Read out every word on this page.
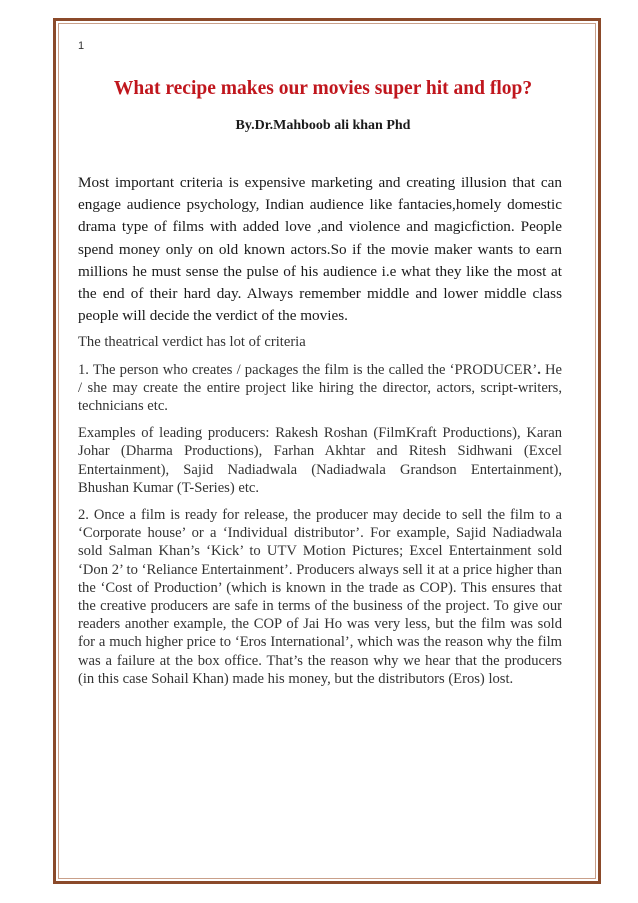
1
What recipe makes our movies super hit and flop?
By.Dr.Mahboob ali khan Phd

Most important criteria is expensive marketing and creating illusion that can engage audience psychology, Indian audience like fantacies,homely domestic drama type of films with added love ,and violence and magicfiction. People spend money only on old known actors.So if the movie maker wants to earn millions he must sense the pulse of his audience i.e what they like the most at the end of their hard day. Always remember middle and lower middle class people will decide the verdict of the movies.

The theatrical verdict has lot of criteria

1. The person who creates / packages the film is the called the ‘PRODUCER’. He / she may create the entire project like hiring the director, actors, script-writers, technicians etc.

Examples of leading producers: Rakesh Roshan (FilmKraft Productions), Karan Johar (Dharma Productions), Farhan Akhtar and Ritesh Sidhwani (Excel Entertainment), Sajid Nadiadwala (Nadiadwala Grandson Entertainment), Bhushan Kumar (T-Series) etc.

2. Once a film is ready for release, the producer may decide to sell the film to a ‘Corporate house’ or a ‘Individual distributor’. For example, Sajid Nadiadwala sold Salman Khan’s ‘Kick’ to UTV Motion Pictures; Excel Entertainment sold ‘Don 2’ to ‘Reliance Entertainment’. Producers always sell it at a price higher than the ‘Cost of Production’ (which is known in the trade as COP). This ensures that the creative producers are safe in terms of the business of the project. To give our readers another example, the COP of Jai Ho was very less, but the film was sold for a much higher price to ‘Eros International’, which was the reason why the film was a failure at the box office. That’s the reason why we hear that the producers (in this case Sohail Khan) made his money, but the distributors (Eros) lost.
